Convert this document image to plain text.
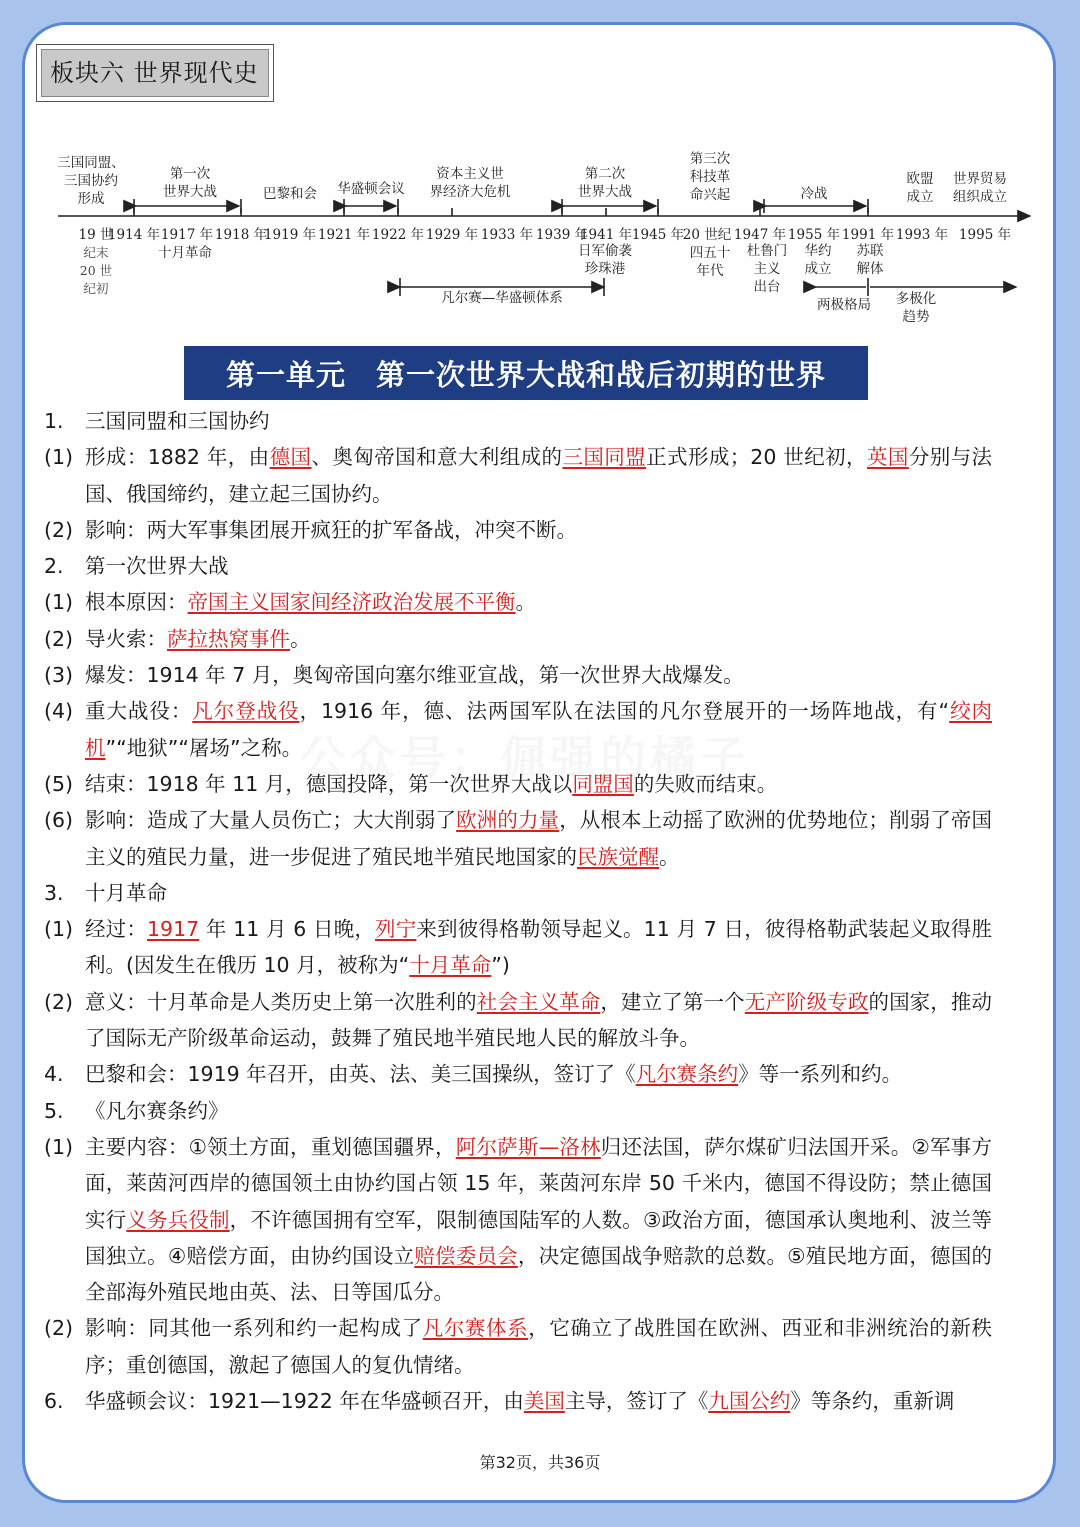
板块六 世界现代史
19 世
1914 年 1917 年 1918 年
1919 年 1921 年 1922 年 1929 年 1933 年 1939 年
1941 年 1945 年
20 世纪 1947 年 1955 年 1991 年 1993 年 1995 年
纪末
20 世
纪初
三国同盟、
三国协约
形成
第一次
世界大战	巴黎和会 华盛顿会议
资本主义世
界经济大危机
第二次
世界大战
第三次
科技革
命兴起	冷战
欧盟
成立
世界贸易
组织成立
十月革命	日军偷袭
珍珠港
四五十
年代
杜鲁门
主义
出台
华约
成立
苏联
解体
凡尔赛—华盛顿体系	两极格局 多极化
趋势
第一单元　第一次世界大战和战后初期的世界
1.	三国同盟和三国协约
(1) 形成：1882 年，由德国、奥匈帝国和意大利组成的三国同盟正式形成；20 世纪初，英国分别与法国、俄国缔约，建立起三国协约。
(2) 影响：两大军事集团展开疯狂的扩军备战，冲突不断。
2.	第一次世界大战
(1) 根本原因：帝国主义国家间经济政治发展不平衡。
(2) 导火索：萨拉热窝事件。
(3) 爆发：1914 年 7 月，奥匈帝国向塞尔维亚宣战，第一次世界大战爆发。
(4) 重大战役：凡尔登战役，1916 年，德、法两国军队在法国的凡尔登展开的一场阵地战，有“绞肉机”“地狱”“屠场”之称。
(5) 结束：1918 年 11 月，德国投降，第一次世界大战以同盟国的失败而结束。
(6) 影响：造成了大量人员伤亡；大大削弱了欧洲的力量，从根本上动摇了欧洲的优势地位；削弱了帝国主义的殖民力量，进一步促进了殖民地半殖民地国家的民族觉醒。
3.	十月革命
(1) 经过：1917 年 11 月 6 日晚，列宁来到彼得格勒领导起义。11 月 7 日，彼得格勒武装起义取得胜利。(因发生在俄历 10 月，被称为“十月革命”)
(2) 意义：十月革命是人类历史上第一次胜利的社会主义革命，建立了第一个无产阶级专政的国家，推动了国际无产阶级革命运动，鼓舞了殖民地半殖民地人民的解放斗争。
4.	巴黎和会：1919 年召开，由英、法、美三国操纵，签订了《凡尔赛条约》等一系列和约。
5.	《凡尔赛条约》
(1) 主要内容：①领土方面，重划德国疆界，阿尔萨斯—洛林归还法国，萨尔煤矿归法国开采。②军事方面，莱茵河西岸的德国领土由协约国占领 15 年，莱茵河东岸 50 千米内，德国不得设防；禁止德国实行义务兵役制，不许德国拥有空军，限制德国陆军的人数。③政治方面，德国承认奥地利、波兰等国独立。④赔偿方面，由协约国设立赔偿委员会，决定德国战争赔款的总数。⑤殖民地方面，德国的全部海外殖民地由英、法、日等国瓜分。
(2) 影响：同其他一系列和约一起构成了凡尔赛体系，它确立了战胜国在欧洲、西亚和非洲统治的新秩序；重创德国，激起了德国人的复仇情绪。
6.	华盛顿会议：1921—1922 年在华盛顿召开，由美国主导，签订了《九国公约》等条约，重新调
第32页，共36页
